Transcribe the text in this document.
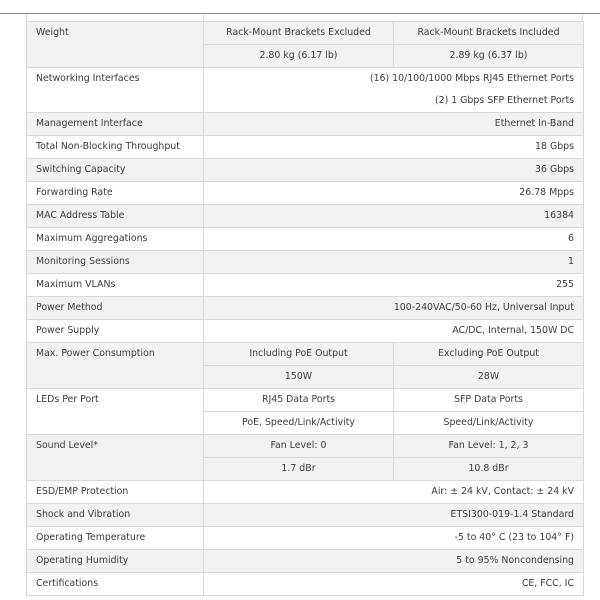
Weight	Rack-Mount Brackets Excluded	Rack-Mount Brackets Included
	2.80 kg (6.17 lb)	2.89 kg (6.37 lb)
Networking Interfaces	(16) 10/100/1000 Mbps RJ45 Ethernet Ports
(2) 1 Gbps SFP Ethernet Ports	

Management Interface	Ethernet In-Band	
Total Non-Blocking Throughput	18 Gbps	
Switching Capacity	36 Gbps	
Forwarding Rate	26.78 Mpps	
MAC Address Table	16384	
Maximum Aggregations	6	
Monitoring Sessions	1	
Maximum VLANs	255	
Power Method	100-240VAC/50-60 Hz, Universal Input	
Power Supply	AC/DC, Internal, 150W DC	
Max. Power Consumption	Including PoE Output	Excluding PoE Output
	150W	28W
LEDs Per Port	RJ45 Data Ports	SFP Data Ports
	PoE, Speed/Link/Activity	Speed/Link/Activity
Sound Level*	Fan Level: 0	Fan Level: 1, 2, 3
	1.7 dBr	10.8 dBr
ESD/EMP Protection	Air: ± 24 kV, Contact: ± 24 kV	
Shock and Vibration	ETSI300-019-1.4 Standard	
Operating Temperature	-5 to 40° C (23 to 104° F)	
Operating Humidity	5 to 95% Noncondensing	
Certifications	CE, FCC, IC	
